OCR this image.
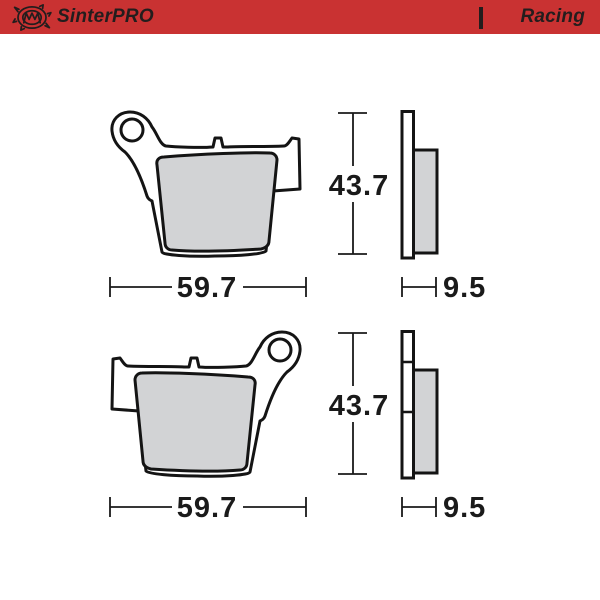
SinterPRO	Racing
43.7
59.7	9.5
43.7
59.7	9.5
